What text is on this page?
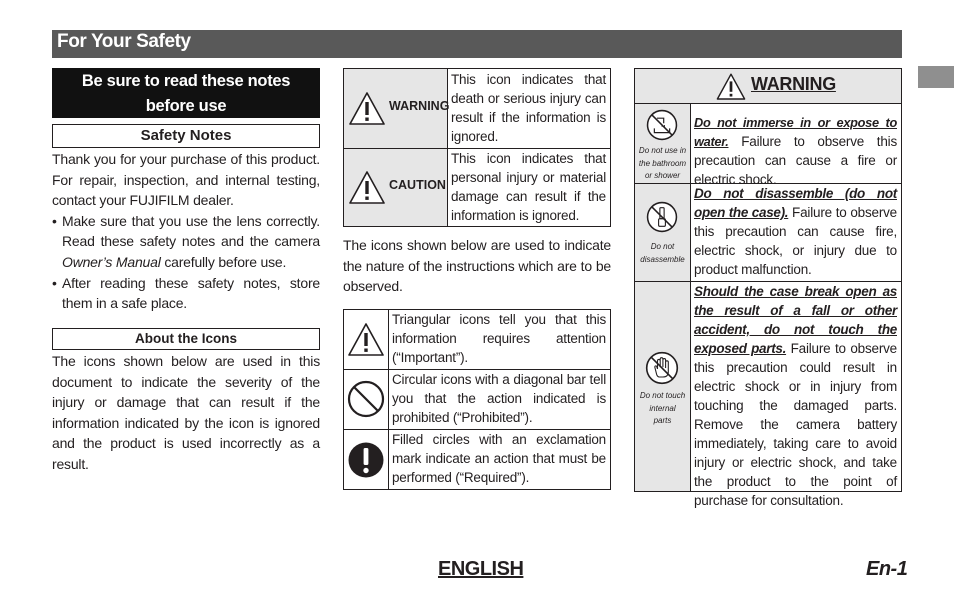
For Your Safety
Be sure to read these notes
before use
Safety Notes
Thank you for your purchase of this product. For repair, inspection, and internal testing, contact your FUJIFILM dealer.
• Make sure that you use the lens correctly. Read these safety notes and the camera Owner’s Manual carefully before use.
• After reading these safety notes, store them in a safe place.
About the Icons
The icons shown below are used in this document to indicate the severity of the injury or damage that can result if the information indicated by the icon is ignored and the product is used incorrectly as a result.
WARNING
This icon indicates that death or serious injury can result if the information is ignored.
CAUTION
This icon indicates that personal injury or material damage can result if the information is ignored.
The icons shown below are used to indicate the nature of the instructions which are to be observed.
Triangular icons tell you that this information requires attention (“Important”).
Circular icons with a diagonal bar tell you that the action indicated is prohibited (“Prohibited”).
Filled circles with an exclamation mark indicate an action that must be performed (“Required”).
WARNING
Do not use in
the bathroom
or shower
Do not immerse in or expose to water. Failure to observe this precaution can cause a fire or electric shock.
Do not
disassemble
Do not disassemble (do not open the case). Failure to observe this precaution can cause fire, electric shock, or injury due to product malfunction.
Do not touch
internal
parts
Should the case break open as the result of a fall or other accident, do not touch the exposed parts. Failure to observe this precaution could result in electric shock or in injury from touching the damaged parts. Remove the camera battery immediately, taking care to avoid injury or electric shock, and take the product to the point of purchase for consultation.
ENGLISH	En-1
